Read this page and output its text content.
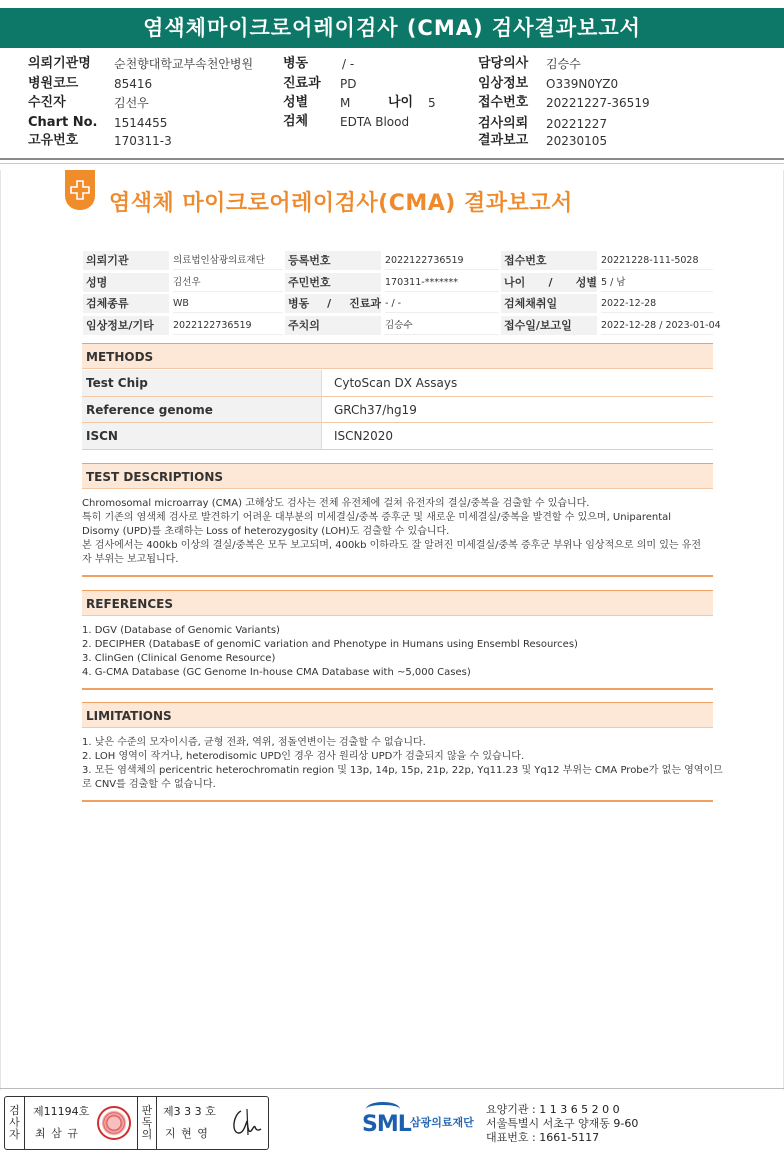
염색체마이크로어레이검사 (CMA) 검사결과보고서
의뢰기관명 순천향대학교부속천안병원
병원코드	85416
수진자	김선우
Chart No. 1514455
고유번호	170311-3
병동	/ -
진료과 PD
성별	M	나이 5
검체	EDTA Blood
담당의사 김승수
임상정보 O339N0YZ0
접수번호 20221227-36519
검사의뢰 20221227
결과보고 20230105
염색체 마이크로어레이검사(CMA) 결과보고서
의뢰기관	의료법인삼광의료재단	등록번호	2022122736519	접수번호	20221228-111-5028
성명	김선우	주민번호	170311-*******	나이 / 성별 5 / 남
검체종류	WB	병동 / 진료과 - / -	검체채취일	2022-12-28
임상정보/기타	2022122736519	주치의	김승수	접수일/보고일	2022-12-28 / 2023-01-04
METHODS
Test Chip	CytoScan DX Assays
Reference genome	GRCh37/hg19
ISCN	ISCN2020
TEST DESCRIPTIONS

Chromosomal microarray (CMA) 고해상도 검사는 전체 유전체에 걸쳐 유전자의 결실/중복을 검출할 수 있습니다.

특히 기존의 염색체 검사로 발견하기 어려운 대부분의 미세결실/중복 증후군 및 새로운 미세결실/중복을 발견할 수 있으며, Uniparental

Disomy (UPD)를 초래하는 Loss of heterozygosity (LOH)도 검출할 수 있습니다.

본 검사에서는 400kb 이상의 결실/중복은 모두 보고되며, 400kb 이하라도 잘 알려진 미세결실/중복 증후군 부위나 임상적으로 의미 있는 유전

자 부위는 보고됩니다.

REFERENCES

1. DGV (Database of Genomic Variants)

2. DECIPHER (DatabasE of genomiC variation and Phenotype in Humans using Ensembl Resources)

3. ClinGen (Clinical Genome Resource)

4. G-CMA Database (GC Genome In-house CMA Database with ~5,000 Cases)

LIMITATIONS

1. 낮은 수준의 모자이시즘, 균형 전좌, 역위, 점돌연변이는 검출할 수 없습니다.

2. LOH 영역이 작거나, heterodisomic UPD인 경우 검사 원리상 UPD가 검출되지 않을 수 있습니다.

3. 모든 염색체의 pericentric heterochromatin region 및 13p, 14p, 15p, 21p, 22p, Yq11.23 및 Yq12 부위는 CMA Probe가 없는 영역이므

로 CNV를 검출할 수 없습니다.

검
사
자
제11194호
최 삼 규
판
독
의
제3 3 3 호
지 현 영	SML 삼광의료재단
요양기관 : 1 1 3 6 5 2 0 0
서울특별시 서초구 양재동 9-60
대표번호 : 1661-5117
